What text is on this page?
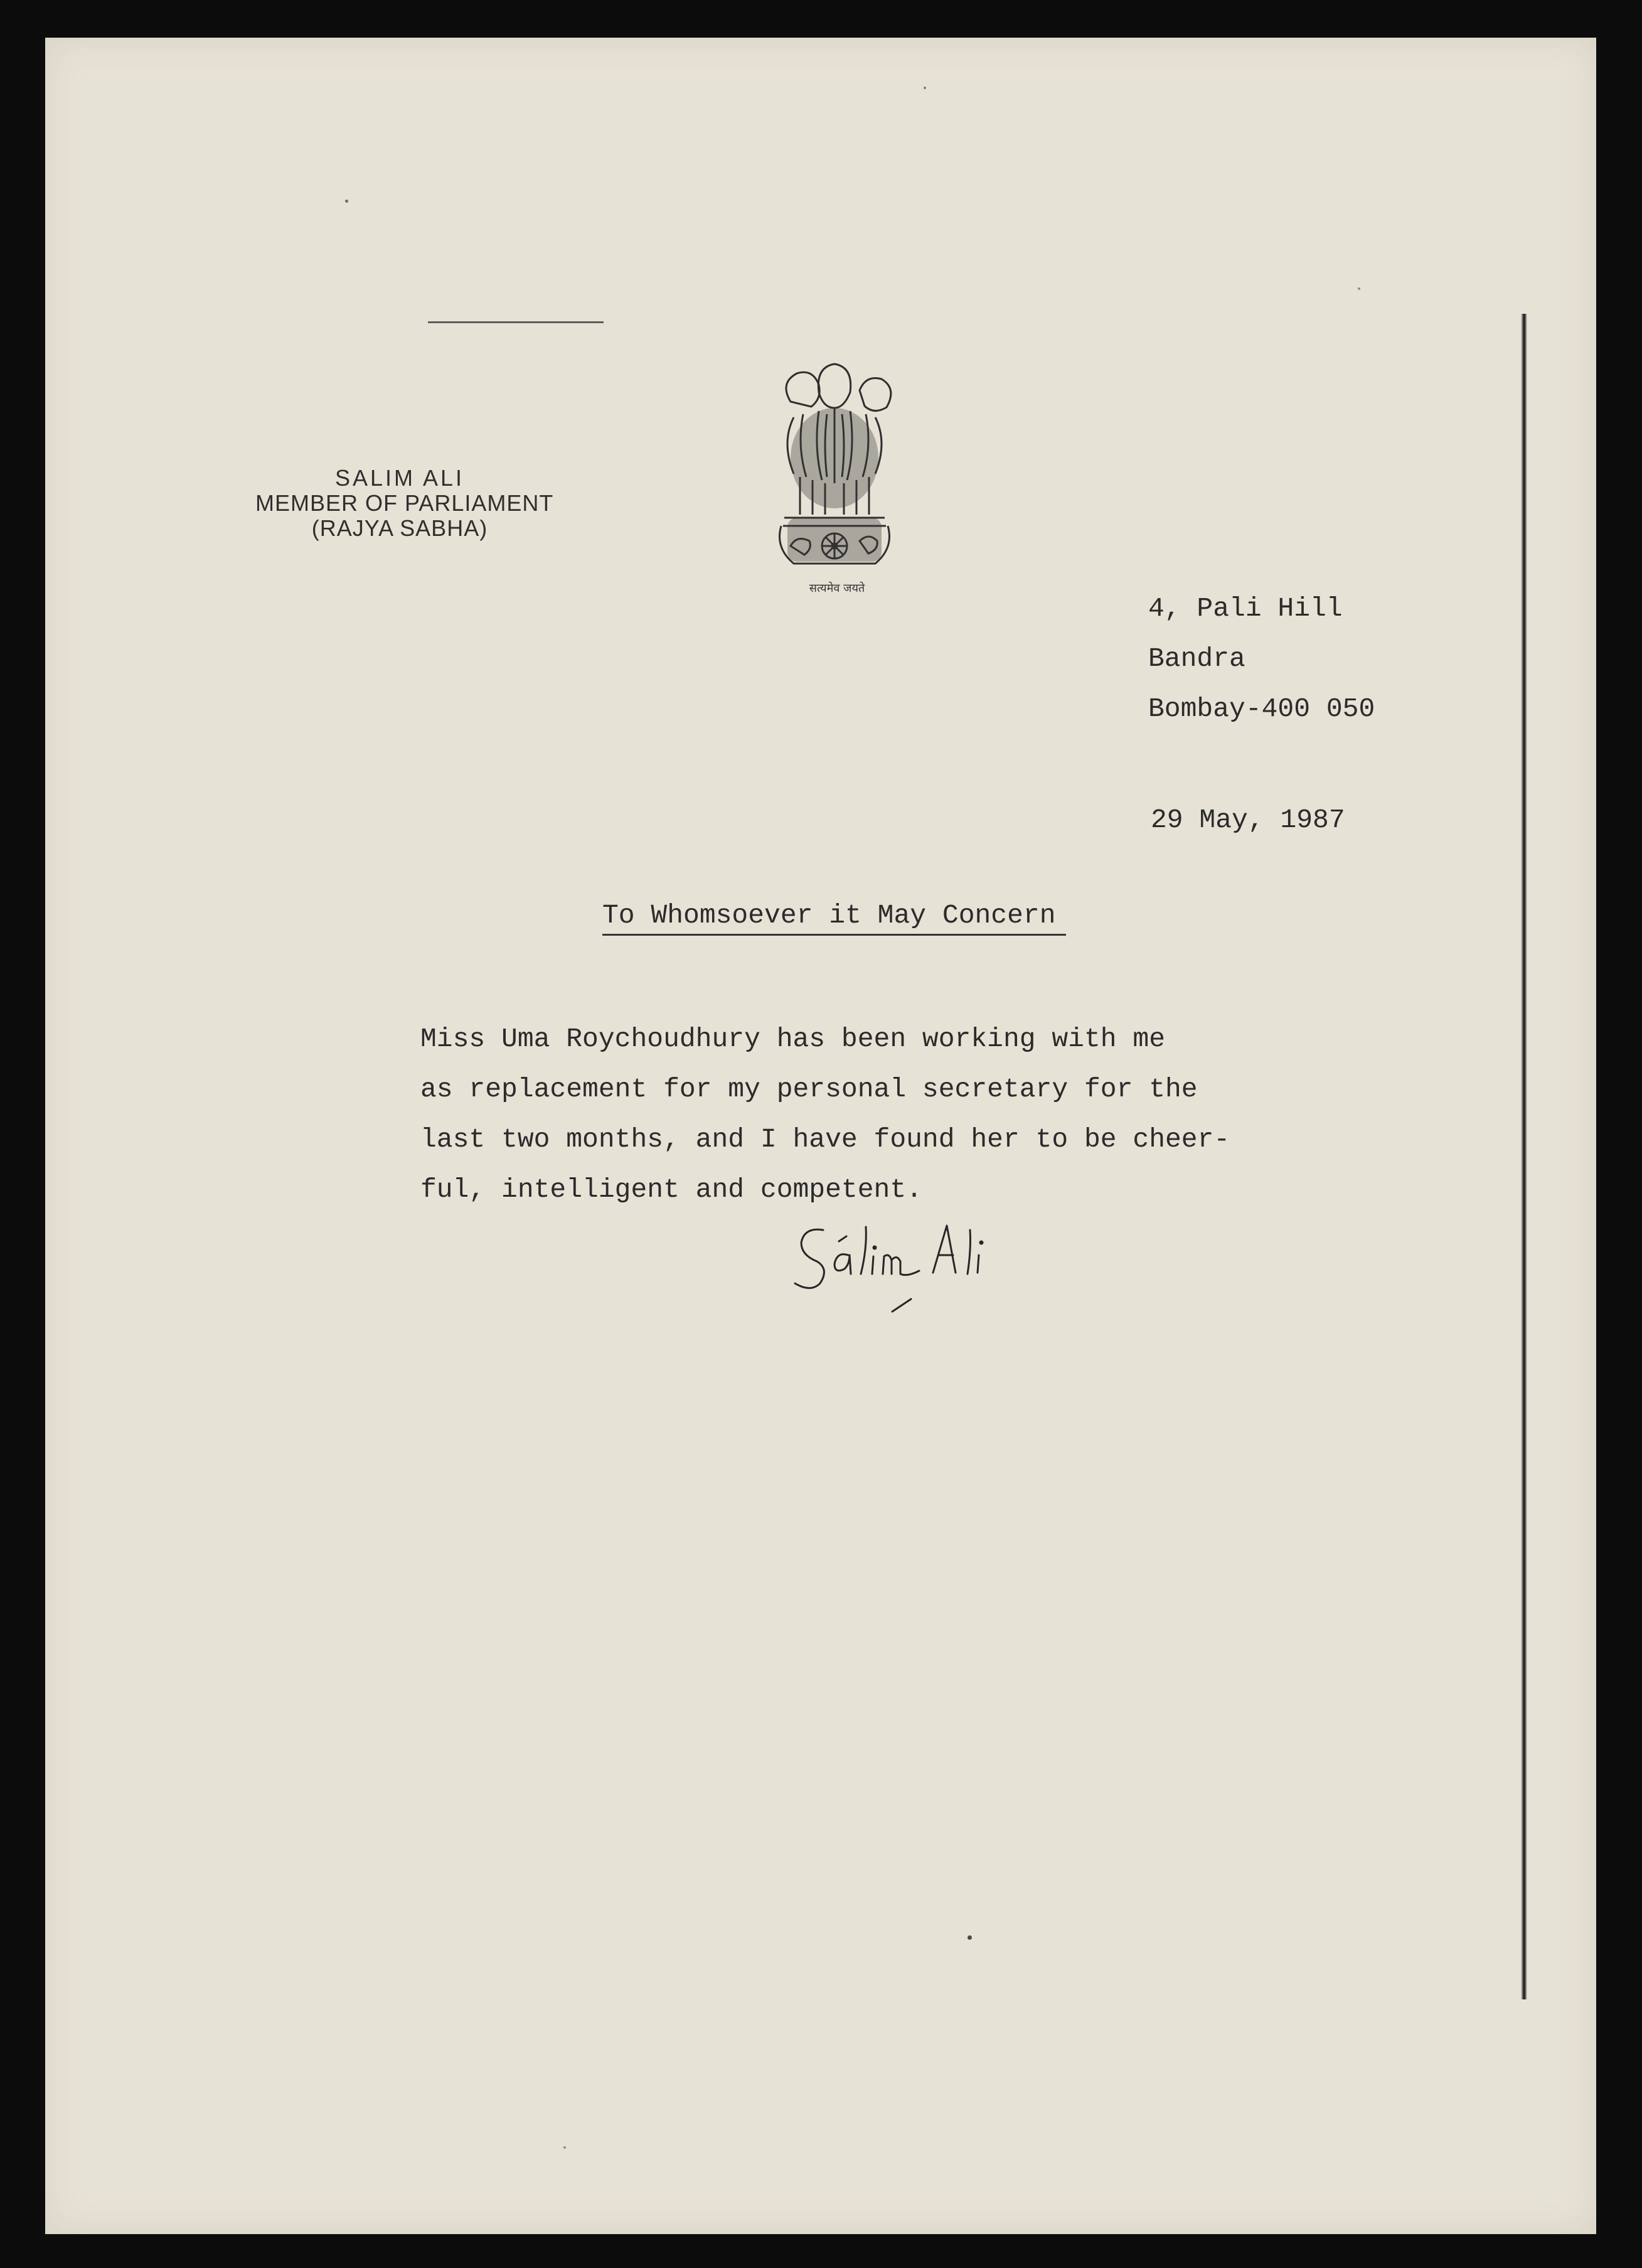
SALIM ALI
MEMBER OF PARLIAMENT
(RAJYA SABHA)
सत्यमेव जयते
4, Pali Hill
Bandra
Bombay-400 050
29 May, 1987
To Whomsoever it May Concern
Miss Uma Roychoudhury has been working with me
as replacement for my personal secretary for the
last two months, and I have found her to be cheer-
ful, intelligent and competent.
